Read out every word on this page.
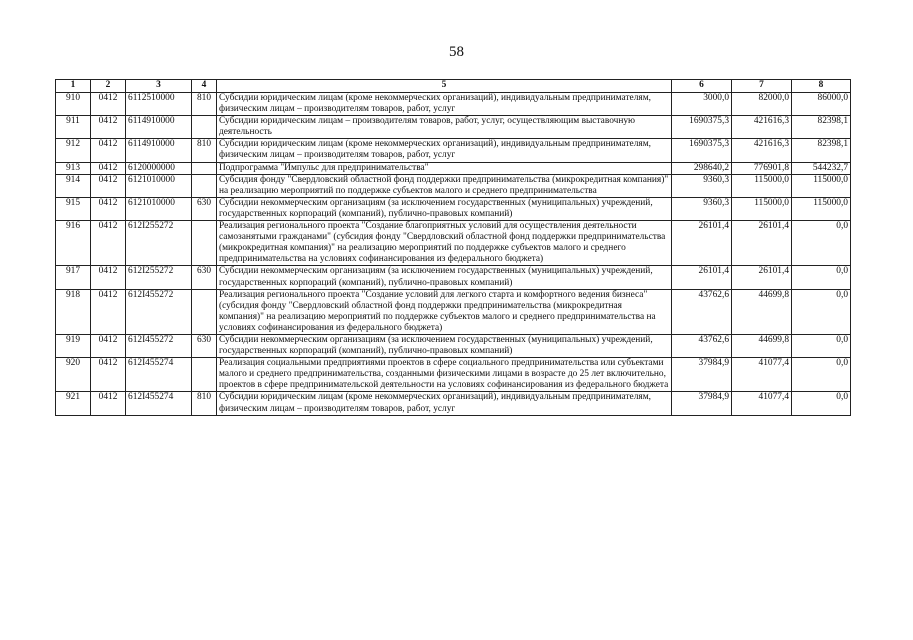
58
1	2	3	4	5	6	7	8
910	0412	6112510000	810	Субсидии юридическим лицам (кроме некоммерческих организаций), индивидуальным предпринимателям, физическим лицам – производителям товаров, работ, услуг	3000,0	82000,0	86000,0
911	0412	6114910000		Субсидии юридическим лицам – производителям товаров, работ, услуг, осуществляющим выставочную деятельность	1690375,3	421616,3	82398,1
912	0412	6114910000	810	Субсидии юридическим лицам (кроме некоммерческих организаций), индивидуальным предпринимателям, физическим лицам – производителям товаров, работ, услуг	1690375,3	421616,3	82398,1
913	0412	6120000000		Подпрограмма "Импульс для предпринимательства"	298640,2	776901,8	544232,7
914	0412	6121010000		Субсидия фонду "Свердловский областной фонд поддержки предпринимательства (микрокредитная компания)" на реализацию мероприятий по поддержке субъектов малого и среднего предпринимательства	9360,3	115000,0	115000,0
915	0412	6121010000	630	Субсидии некоммерческим организациям (за исключением государственных (муниципальных) учреждений, государственных корпораций (компаний), публично-правовых компаний)	9360,3	115000,0	115000,0
916	0412	612I255272		Реализация регионального проекта "Создание благоприятных условий для осуществления деятельности самозанятыми гражданами" (субсидия фонду "Свердловский областной фонд поддержки предпринимательства (микрокредитная компания)" на реализацию мероприятий по поддержке субъектов малого и среднего предпринимательства на условиях софинансирования из федерального бюджета)	26101,4	26101,4	0,0
917	0412	612I255272	630	Субсидии некоммерческим организациям (за исключением государственных (муниципальных) учреждений, государственных корпораций (компаний), публично-правовых компаний)	26101,4	26101,4	0,0
918	0412	612I455272		Реализация регионального проекта "Создание условий для легкого старта и комфортного ведения бизнеса" (субсидия фонду "Свердловский областной фонд поддержки предпринимательства (микрокредитная компания)" на реализацию мероприятий по поддержке субъектов малого и среднего предпринимательства на условиях софинансирования из федерального бюджета)	43762,6	44699,8	0,0
919	0412	612I455272	630	Субсидии некоммерческим организациям (за исключением государственных (муниципальных) учреждений, государственных корпораций (компаний), публично-правовых компаний)	43762,6	44699,8	0,0
920	0412	612I455274		Реализация социальными предприятиями проектов в сфере социального предпринимательства или субъектами малого и среднего предпринимательства, созданными физическими лицами в возрасте до 25 лет включительно, проектов в сфере предпринимательской деятельности на условиях софинансирования из федерального бюджета	37984,9	41077,4	0,0
921	0412	612I455274	810	Субсидии юридическим лицам (кроме некоммерческих организаций), индивидуальным предпринимателям, физическим лицам – производителям товаров, работ, услуг	37984,9	41077,4	0,0
